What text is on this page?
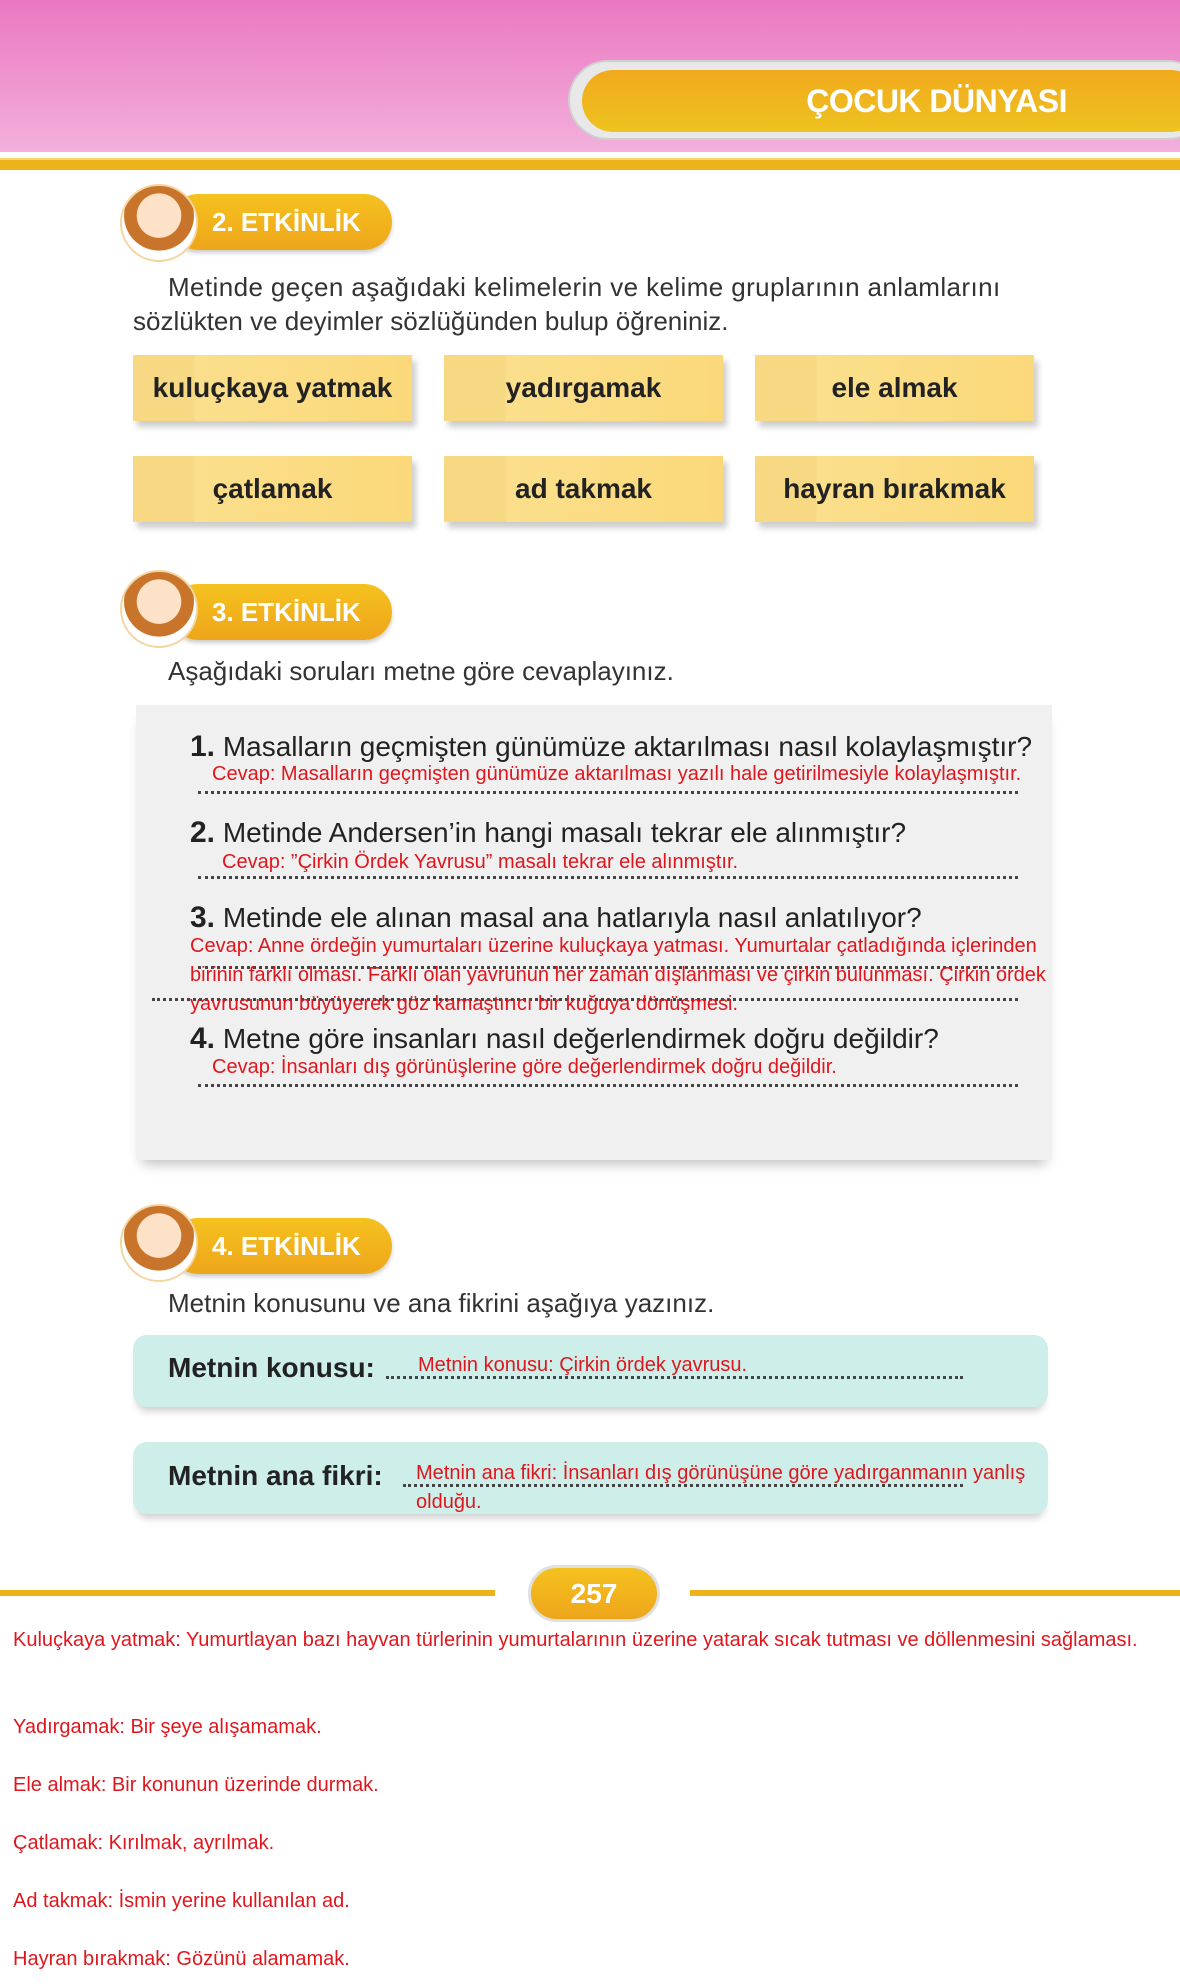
ÇOCUK DÜNYASI
2. ETKİNLİK
Metinde geçen aşağıdaki kelimelerin ve kelime gruplarının anlamlarını
sözlükten ve deyimler sözlüğünden bulup öğreniniz.
kuluçkaya yatmak	yadırgamak	ele almak
çatlamak	ad takmak	hayran bırakmak
3. ETKİNLİK
Aşağıdaki soruları metne göre cevaplayınız.
1. Masalların geçmişten günümüze aktarılması nasıl kolaylaşmıştır?
Cevap: Masalların geçmişten günümüze aktarılması yazılı hale getirilmesiyle kolaylaşmıştır.
2. Metinde Andersen’in hangi masalı tekrar ele alınmıştır?
Cevap: ”Çirkin Ördek Yavrusu” masalı tekrar ele alınmıştır.
3. Metinde ele alınan masal ana hatlarıyla nasıl anlatılıyor?
Cevap: Anne ördeğin yumurtaları üzerine kuluçkaya yatması. Yumurtalar çatladığında içlerinden
birinin farklı olması. Farklı olan yavrunun her zaman dışlanması ve çirkin bulunması. Çirkin ördek
yavrusunun büyüyerek göz kamaştırıcı bir kuğuya dönüşmesi.
4. Metne göre insanları nasıl değerlendirmek doğru değildir?
Cevap: İnsanları dış görünüşlerine göre değerlendirmek doğru değildir.
4. ETKİNLİK
Metnin konusunu ve ana fikrini aşağıya yazınız.
Metnin konusu: Metnin konusu: Çirkin ördek yavrusu.
Metnin ana fikri: Metnin ana fikri: İnsanları dış görünüşüne göre yadırganmanın yanlış
olduğu.
257
Kuluçkaya yatmak: Yumurtlayan bazı hayvan türlerinin yumurtalarının üzerine yatarak sıcak tutması ve döllenmesini sağlaması.
Yadırgamak: Bir şeye alışamamak.
Ele almak: Bir konunun üzerinde durmak.
Çatlamak: Kırılmak, ayrılmak.
Ad takmak: İsmin yerine kullanılan ad.
Hayran bırakmak: Gözünü alamamak.
